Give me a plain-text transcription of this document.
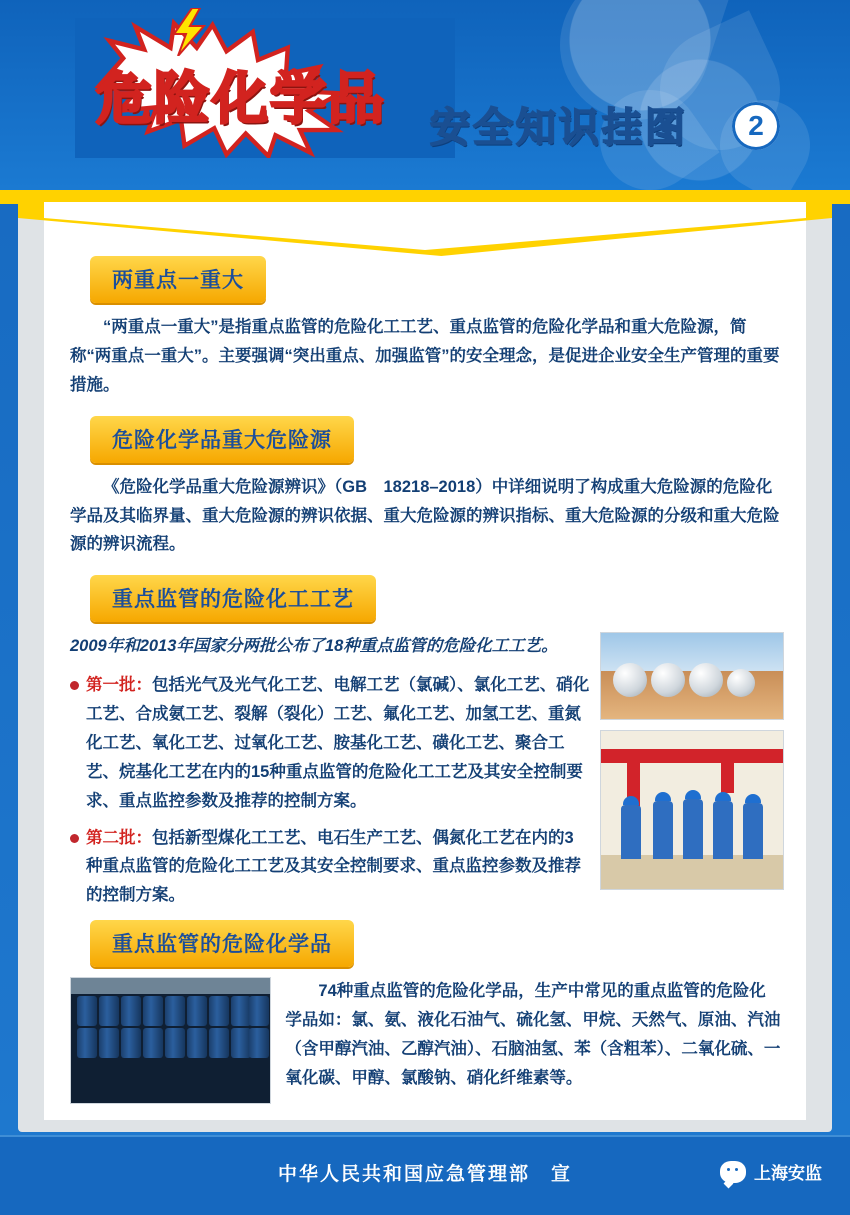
危险化学品 安全知识挂图	2
两重点一重大

“两重点一重大”是指重点监管的危险化工工艺、重点监管的危险化学品和重大危险源，简称“两重点一重大”。主要强调“突出重点、加强监管”的安全理念，是促进企业安全生产管理的重要措施。

危险化学品重大危险源

《危险化学品重大危险源辨识》（GB　18218–2018）中详细说明了构成重大危险源的危险化学品及其临界量、重大危险源的辨识依据、重大危险源的辨识指标、重大危险源的分级和重大危险源的辨识流程。

重点监管的危险化工工艺

2009年和2013年国家分两批公布了18种重点监管的危险化工工艺。

第一批：包括光气及光气化工艺、电解工艺（氯碱）、氯化工艺、硝化工艺、合成氨工艺、裂解（裂化）工艺、氟化工艺、加氢工艺、重氮化工艺、氧化工艺、过氧化工艺、胺基化工艺、磺化工艺、聚合工艺、烷基化工艺在内的15种重点监管的危险化工工艺及其安全控制要求、重点监控参数及推荐的控制方案。
第二批：包括新型煤化工工艺、电石生产工艺、偶氮化工艺在内的3种重点监管的危险化工工艺及其安全控制要求、重点监控参数及推荐的控制方案。
重点监管的危险化学品

74种重点监管的危险化学品，生产中常见的重点监管的危险化学品如：氯、氨、液化石油气、硫化氢、甲烷、天然气、原油、汽油（含甲醇汽油、乙醇汽油）、石脑油氢、苯（含粗苯）、二氧化硫、一氧化碳、甲醇、氯酸钠、硝化纤维素等。

中华人民共和国应急管理部　宣	上海安监
